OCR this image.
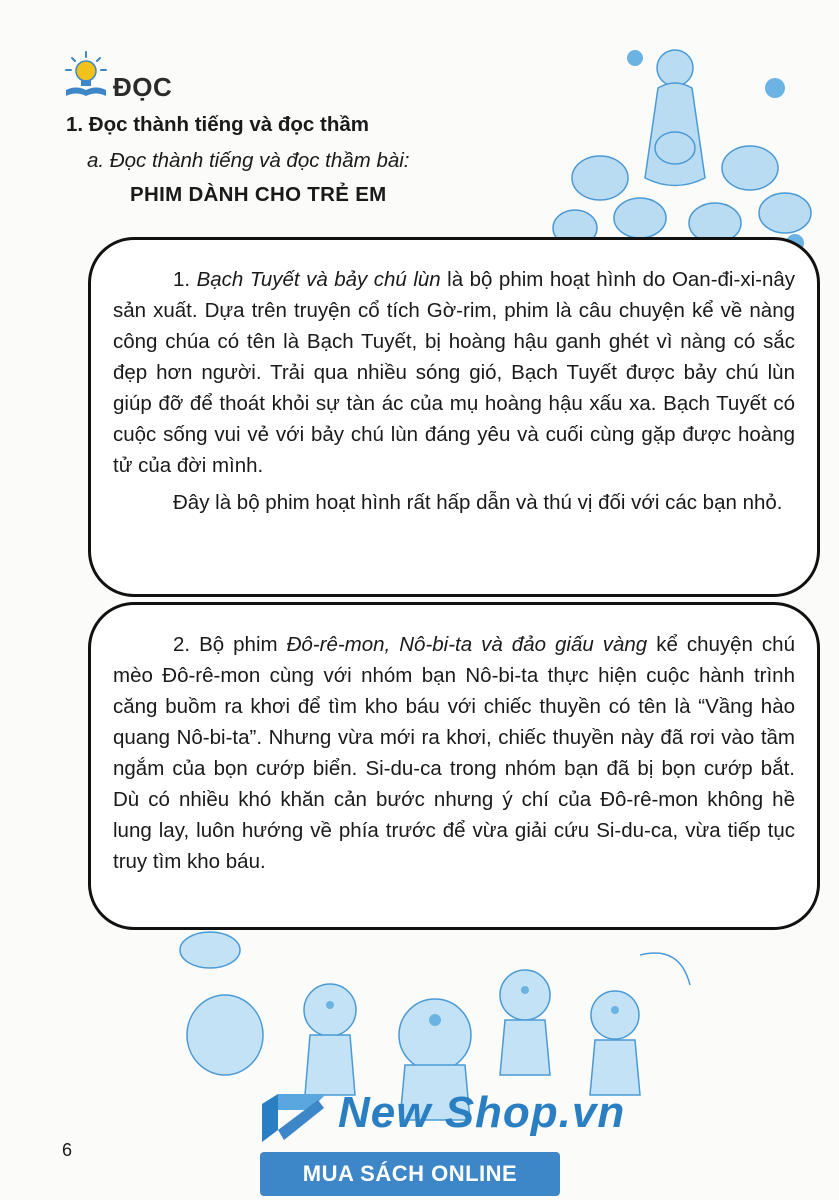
ĐỌC
1. Đọc thành tiếng và đọc thầm
a. Đọc thành tiếng và đọc thầm bài:
PHIM DÀNH CHO TRẺ EM

1. Bạch Tuyết và bảy chú lùn là bộ phim hoạt hình do Oan-đi-xi-nây sản xuất. Dựa trên truyện cổ tích Gờ-rim, phim là câu chuyện kể về nàng công chúa có tên là Bạch Tuyết, bị hoàng hậu ganh ghét vì nàng có sắc đẹp hơn người. Trải qua nhiều sóng gió, Bạch Tuyết được bảy chú lùn giúp đỡ để thoát khỏi sự tàn ác của mụ hoàng hậu xấu xa. Bạch Tuyết có cuộc sống vui vẻ với bảy chú lùn đáng yêu và cuối cùng gặp được hoàng tử của đời mình.

Đây là bộ phim hoạt hình rất hấp dẫn và thú vị đối với các bạn nhỏ.

2. Bộ phim Đô-rê-mon, Nô-bi-ta và đảo giấu vàng kể chuyện chú mèo Đô-rê-mon cùng với nhóm bạn Nô-bi-ta thực hiện cuộc hành trình căng buồm ra khơi để tìm kho báu với chiếc thuyền có tên là “Vầng hào quang Nô-bi-ta”. Nhưng vừa mới ra khơi, chiếc thuyền này đã rơi vào tầm ngắm của bọn cướp biển. Si-du-ca trong nhóm bạn đã bị bọn cướp bắt. Dù có nhiều khó khăn cản bước nhưng ý chí của Đô-rê-mon không hề lung lay, luôn hướng về phía trước để vừa giải cứu Si-du-ca, vừa tiếp tục truy tìm kho báu.

6
New Shop.vn
MUA SÁCH ONLINE
